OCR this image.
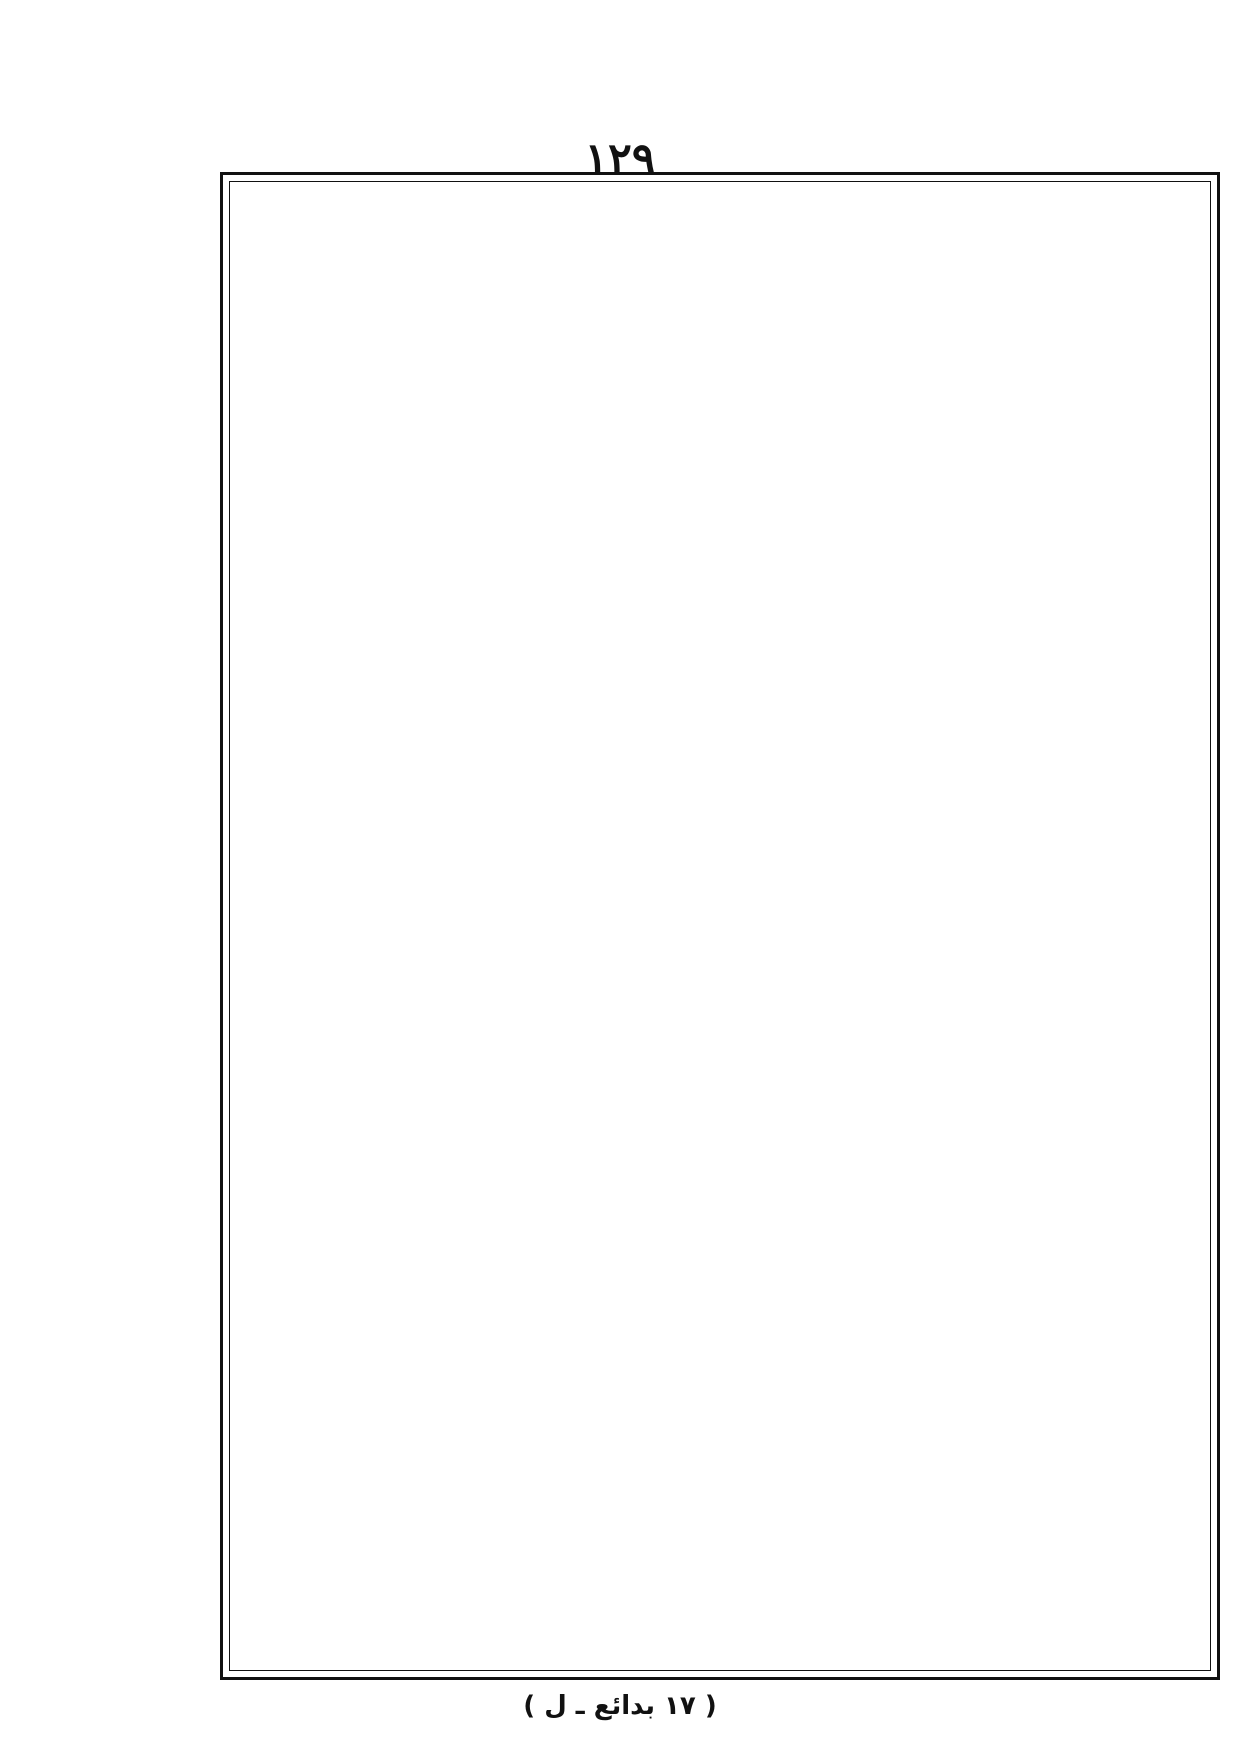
١٢٩
( ١٧ بدائع ـ ل )
